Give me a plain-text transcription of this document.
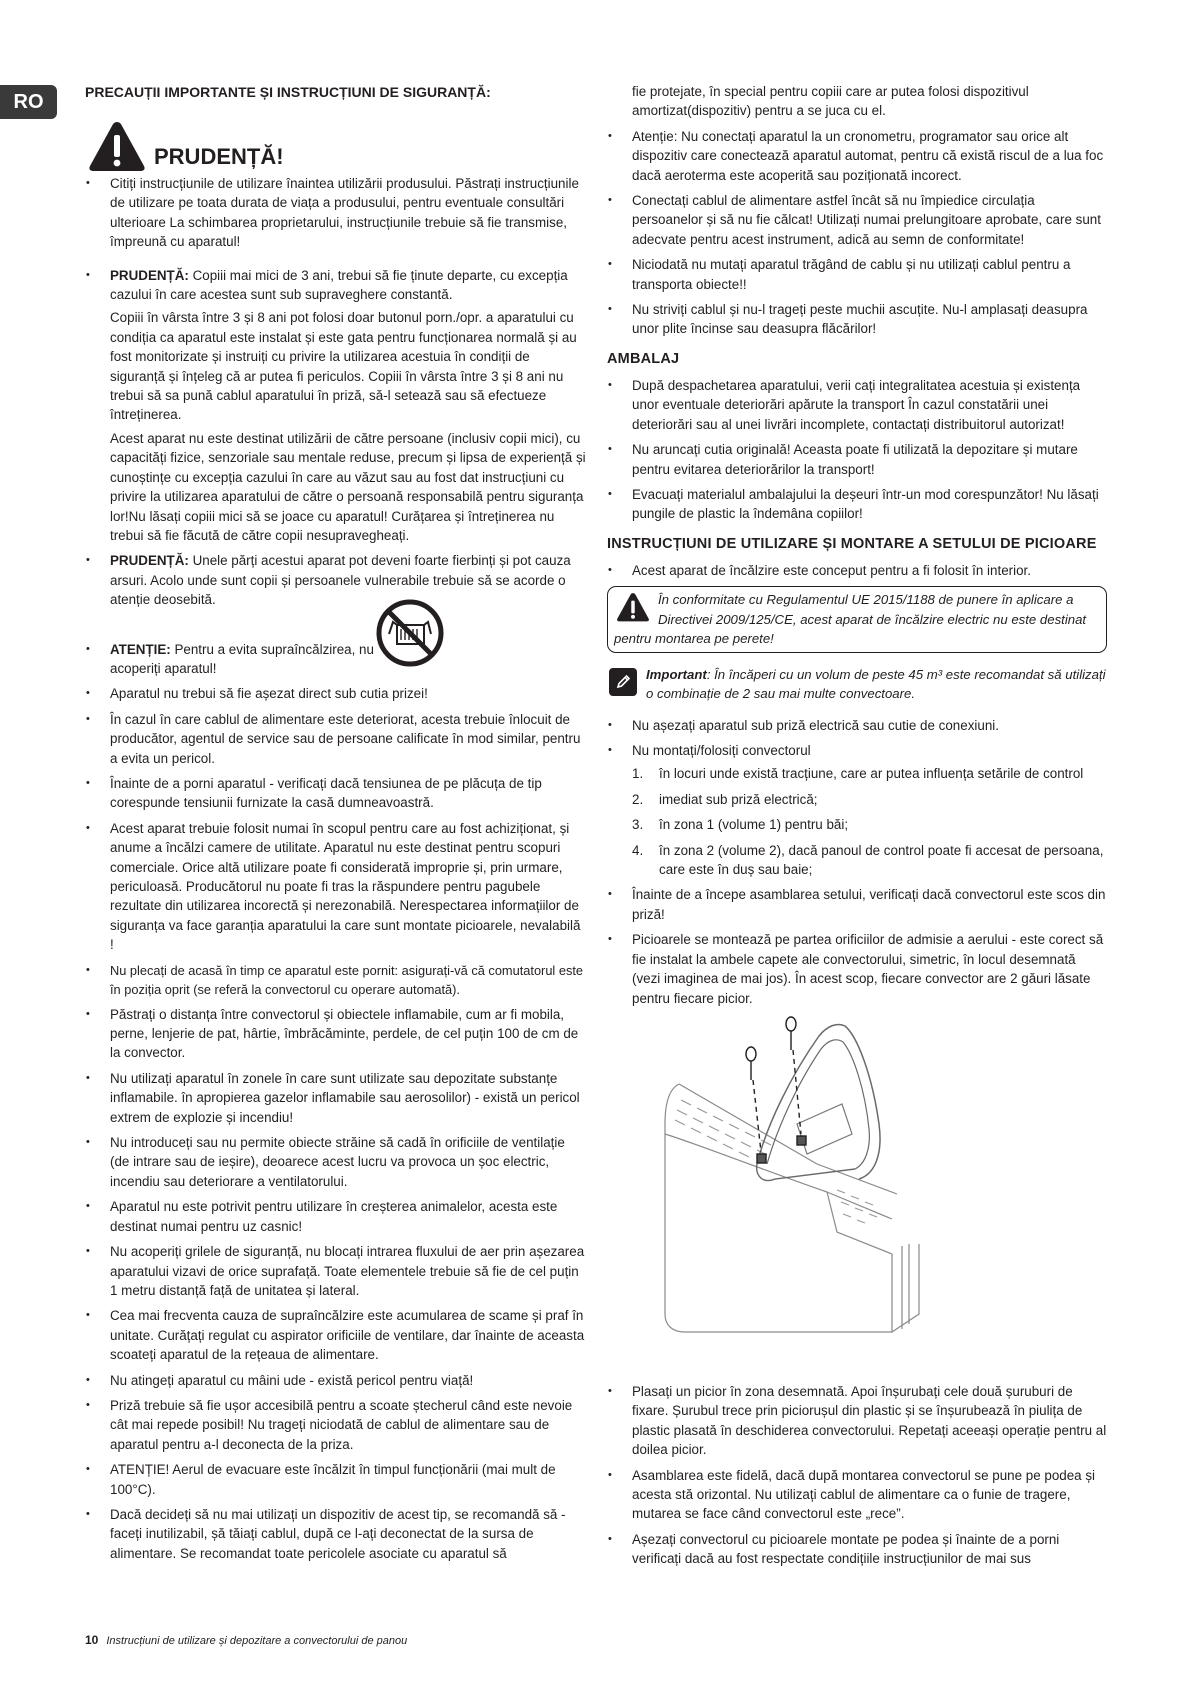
RO	PRECAUȚII IMPORTANTE ȘI INSTRUCȚIUNI DE SIGURANȚĂ:
PRUDENȚĂ!
• Citiți instrucțiunile de utilizare înaintea utilizării produsului. Păstrați instrucțiunile de utilizare pe toata durata de viața a produsului, pentru eventuale consultări ulterioare La schimbarea proprietarului, instrucțiunile trebuie să fie transmise, împreună cu aparatul!
• PRUDENȚĂ: Copiii mai mici de 3 ani, trebui să fie ținute departe, cu excepția cazului în care acestea sunt sub supraveghere constantă.
Copiii în vârsta între 3 și 8 ani pot folosi doar butonul porn./opr. a aparatului cu condiția ca aparatul este instalat și este gata pentru funcționarea normală și au fost monitorizate și instruiți cu privire la utilizarea acestuia în condiții de siguranță și înțeleg că ar putea fi periculos. Copiii în vârsta între 3 și 8 ani nu trebui să sa pună cablul aparatului în priză, să-l setează sau să efectueze întreținerea.
Acest aparat nu este destinat utilizării de către persoane (inclusiv copii mici), cu capacități fizice, senzoriale sau mentale reduse, precum și lipsa de experiență și cunoștințe cu excepția cazului în care au văzut sau au fost dat instrucțiuni cu privire la utilizarea aparatului de către o persoană responsabilă pentru siguranța lor!Nu lăsați copiii mici să se joace cu aparatul! Curățarea și întreținerea nu trebui să fie făcută de către copii nesupravegheați.
• PRUDENȚĂ: Unele părți acestui aparat pot deveni foarte fierbinți și pot cauza arsuri. Acolo unde sunt copii și persoanele vulnerabile trebuie să se acorde o atenție deosebită.
• ATENȚIE: Pentru a evita supraîncălzirea, nu acoperiți aparatul!
• Aparatul nu trebui să fie așezat direct sub cutia prizei!
• În cazul în care cablul de alimentare este deteriorat, acesta trebuie înlocuit de producător, agentul de service sau de persoane calificate în mod similar, pentru a evita un pericol.
• Înainte de a porni aparatul - verificați dacă tensiunea de pe plăcuța de tip corespunde tensiunii furnizate la casă dumneavoastră.
• Acest aparat trebuie folosit numai în scopul pentru care au fost achiziționat, și anume a încălzi camere de utilitate. Aparatul nu este destinat pentru scopuri comerciale. Orice altă utilizare poate fi considerată improprie și, prin urmare, periculoasă. Producătorul nu poate fi tras la răspundere pentru pagubele rezultate din utilizarea incorectă și nerezonabilă. Nerespectarea informațiilor de siguranța va face garanția aparatului la care sunt montate picioarele, nevalabilă !
• Nu plecați de acasă în timp ce aparatul este pornit: asigurați-vă că comutatorul este în poziția oprit (se referă la convectorul cu operare automată).
• Păstrați o distanța între convectorul și obiectele inflamabile, cum ar fi mobila, perne, lenjerie de pat, hârtie, îmbrăcăminte, perdele, de cel puțin 100 de cm de la convector.
• Nu utilizați aparatul în zonele în care sunt utilizate sau depozitate substanțe inflamabile. în apropierea gazelor inflamabile sau aerosolilor) - există un pericol extrem de explozie și incendiu!
• Nu introduceți sau nu permite obiecte străine să cadă în orificiile de ventilație (de intrare sau de ieșire), deoarece acest lucru va provoca un șoc electric, incendiu sau deteriorare a ventilatorului.
• Aparatul nu este potrivit pentru utilizare în creșterea animalelor, acesta este destinat numai pentru uz casnic!
• Nu acoperiți grilele de siguranță, nu blocați intrarea fluxului de aer prin așezarea aparatului vizavi de orice suprafață. Toate elementele trebuie să fie de cel puțin 1 metru distanță față de unitatea și lateral.
• Cea mai frecventa cauza de supraîncălzire este acumularea de scame și praf în unitate. Curățați regulat cu aspirator orificiile de ventilare, dar înainte de aceasta scoateți aparatul de la rețeaua de alimentare.
• Nu atingeți aparatul cu mâini ude - există pericol pentru viață!
• Priză trebuie să fie ușor accesibilă pentru a scoate ștecherul când este nevoie cât mai repede posibil! Nu trageți niciodată de cablul de alimentare sau de aparatul pentru a-l deconecta de la priza.
• ATENȚIE! Aerul de evacuare este încălzit în timpul funcționării (mai mult de 100°C).
• Dacă decideți să nu mai utilizați un dispozitiv de acest tip, se recomandă să - faceți inutilizabil, șă tăiați cablul, după ce l-ați deconectat de la sursa de alimentare. Se recomandat toate pericolele asociate cu aparatul să
fie protejate, în special pentru copiii care ar putea folosi dispozitivul amortizat(dispozitiv) pentru a se juca cu el.
• Atenție: Nu conectați aparatul la un cronometru, programator sau orice alt dispozitiv care conectează aparatul automat, pentru că există riscul de a lua foc dacă aeroterma este acoperită sau poziționată incorect.
• Conectați cablul de alimentare astfel încât să nu împiedice circulația persoanelor și să nu fie călcat! Utilizați numai prelungitoare aprobate, care sunt adecvate pentru acest instrument, adică au semn de conformitate!
• Niciodată nu mutați aparatul trăgând de cablu și nu utilizați cablul pentru a transporta obiecte!!
• Nu striviți cablul și nu-l trageți peste muchii ascuțite. Nu-l amplasați deasupra unor plite încinse sau deasupra flăcărilor!
AMBALAJ
• După despachetarea aparatului, verii cați integralitatea acestuia și existența unor eventuale deteriorări apărute la transport În cazul constatării unei deteriorări sau al unei livrări incomplete, contactați distribuitorul autorizat!
• Nu aruncați cutia originală! Aceasta poate fi utilizată la depozitare și mutare pentru evitarea deteriorărilor la transport!
• Evacuați materialul ambalajului la deșeuri într-un mod corespunzător! Nu lăsați pungile de plastic la îndemâna copiilor!
INSTRUCȚIUNI DE UTILIZARE ȘI MONTARE A SETULUI DE PICIOARE
• Acest aparat de încălzire este conceput pentru a fi folosit în interior.

În conformitate cu Regulamentul UE 2015/1188 de punere în aplicare a Directivei 2009/125/CE, acest aparat de încălzire electric nu este destinat pentru montarea pe perete!

Important: În încăperi cu un volum de peste 45 m³ este recomandat să utilizați o combinație de 2 sau mai multe convectoare.
• Nu așezați aparatul sub priză electrică sau cutie de conexiuni.
• Nu montați/folosiți convectorul
1. în locuri unde există tracțiune, care ar putea influența setările de control
2. imediat sub priză electrică;
3. în zona 1 (volume 1) pentru băi;
4. în zona 2 (volume 2), dacă panoul de control poate fi accesat de persoana, care este în duș sau baie;
• Înainte de a începe asamblarea setului, verificați dacă convectorul este scos din priză!
• Picioarele se montează pe partea orificiilor de admisie a aerului - este corect să fie instalat la ambele capete ale convectorului, simetric, în locul desemnată (vezi imaginea de mai jos). În acest scop, fiecare convector are 2 găuri lăsate pentru fiecare picior.
• Plasați un picior în zona desemnată. Apoi înșurubați cele două șuruburi de fixare. Șurubul trece prin piciorușul din plastic și se înșurubează în piulița de plastic plasată în deschiderea convectorului. Repetați aceeași operație pentru al doilea picior.
• Asamblarea este fidelă, dacă după montarea convectorul se pune pe podea și acesta stă orizontal. Nu utilizați cablul de alimentare ca o funie de tragere, mutarea se face când convectorul este „rece”.
• Așezați convectorul cu picioarele montate pe podea și înainte de a porni verificați dacă au fost respectate condițiile instrucțiunilor de mai sus
10 Instrucțiuni de utilizare și depozitare a convectorului de panou
